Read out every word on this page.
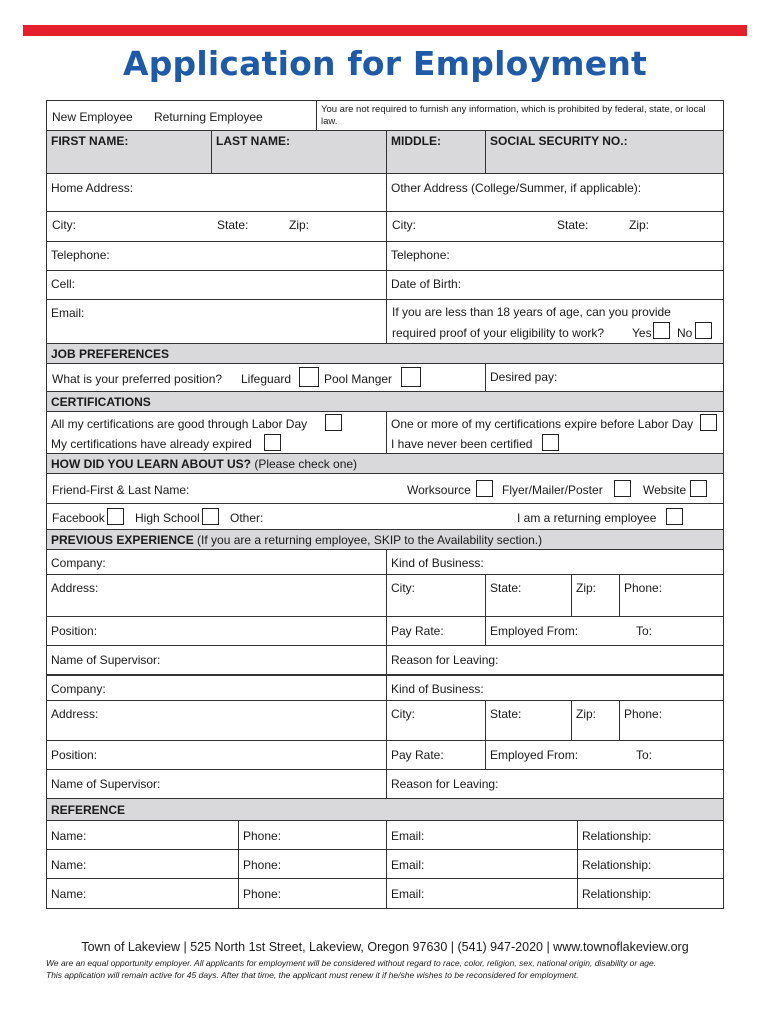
Application for Employment
New Employee Returning Employee
You are not required to furnish any information, which is prohibited by federal, state, or local law.
FIRST NAME:	LAST NAME:	MIDDLE:	SOCIAL SECURITY NO.:
Home Address:	Other Address (College/Summer, if applicable):
City:	State:	Zip:	City:	State:	Zip:
Telephone:	Telephone:
Cell:	Date of Birth:
Email:	If you are less than 18 years of age, can you provide
required proof of your eligibility to work? Yes No
JOB PREFERENCES
What is your preferred position? Lifeguard	Pool Manger	Desired pay:
CERTIFICATIONS
All my certifications are good through Labor Day
My certifications have already expired
One or more of my certifications expire before Labor Day
I have never been certified
HOW DID YOU LEARN ABOUT US? (Please check one)
Friend-First & Last Name:	Worksource	Flyer/Mailer/Poster	Website
Facebook	High School	Other:	I am a returning employee
PREVIOUS EXPERIENCE (If you are a returning employee, SKIP to the Availability section.)
Company:	Kind of Business:
Address:	City:	State:	Zip:	Phone:
Position:	Pay Rate:	Employed From:	To:
Name of Supervisor:	Reason for Leaving:
Company:	Kind of Business:
Address:	City:	State:	Zip:	Phone:
Position:	Pay Rate:	Employed From:	To:
Name of Supervisor:	Reason for Leaving:
REFERENCE
Name:	Phone:	Email:	Relationship:
Name:	Phone:	Email:	Relationship:
Name:	Phone:	Email:	Relationship:
Town of Lakeview | 525 North 1st Street, Lakeview, Oregon 97630 | (541) 947-2020 | www.townoflakeview.org
We are an equal opportunity employer. All applicants for employment will be considered without regard to race, color, religion, sex, national origin, disability or age.
This application will remain active for 45 days. After that time, the applicant must renew it if he/she wishes to be reconsidered for employment.
